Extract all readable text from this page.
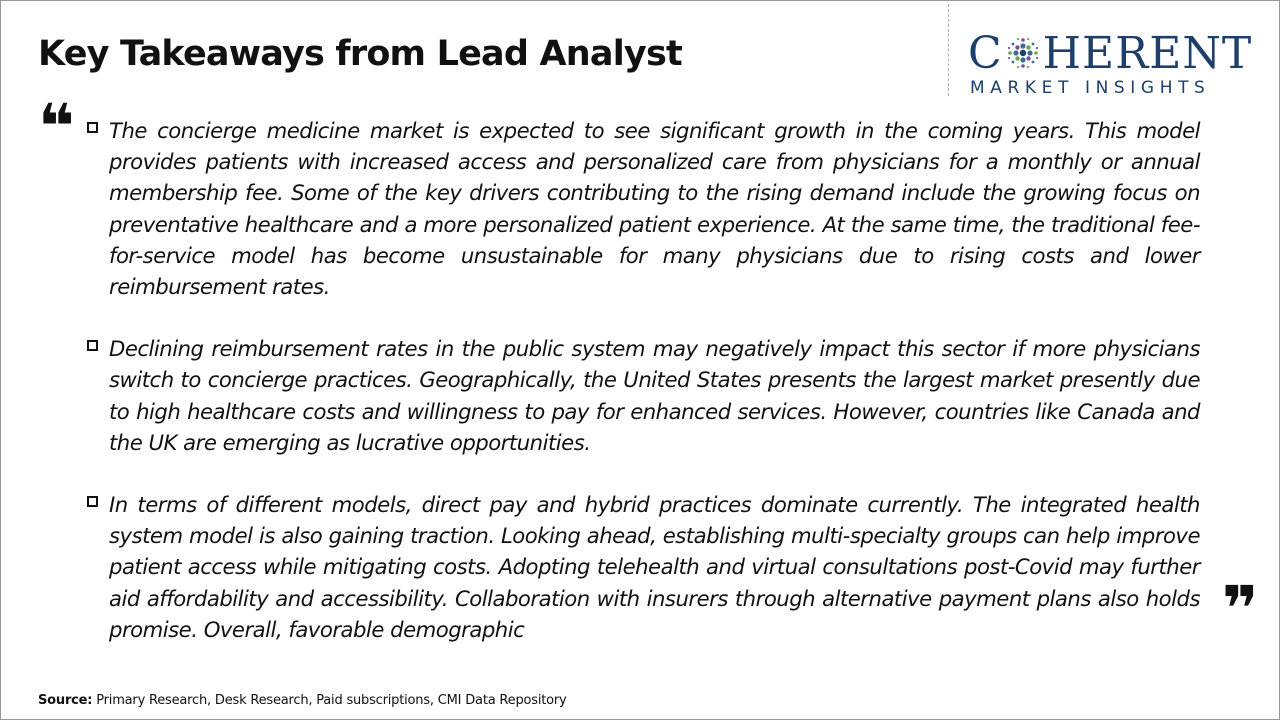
Key Takeaways from Lead Analyst	C HERENT
MARKET INSIGHTS
❝ The concierge medicine market is expected to see significant growth in the coming years. This model provides patients with increased access and personalized care from physicians for a monthly or annual membership fee. Some of the key drivers contributing to the rising demand include the growing focus on preventative healthcare and a more personalized patient experience. At the same time, the traditional fee-for-service model has become unsustainable for many physicians due to rising costs and lower reimbursement rates.
Declining reimbursement rates in the public system may negatively impact this sector if more physicians switch to concierge practices. Geographically, the United States presents the largest market presently due to high healthcare costs and willingness to pay for enhanced services. However, countries like Canada and the UK are emerging as lucrative opportunities.
In terms of different models, direct pay and hybrid practices dominate currently. The integrated health system model is also gaining traction. Looking ahead, establishing multi-specialty groups can help improve patient access while mitigating costs. Adopting telehealth and virtual consultations post-Covid may further aid affordability and accessibility. Collaboration with insurers through alternative payment plans also holds promise. Overall, favorable demographic	❞
Source: Primary Research, Desk Research, Paid subscriptions, CMI Data Repository
